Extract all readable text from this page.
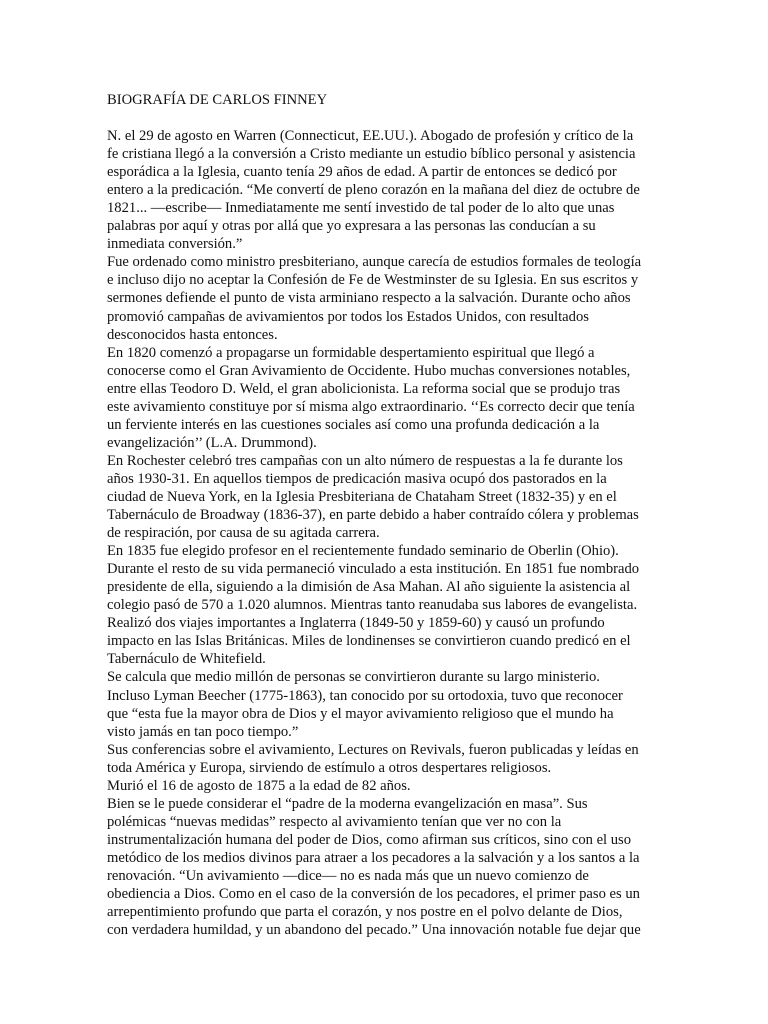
BIOGRAFÍA DE CARLOS FINNEY
N. el 29 de agosto en Warren (Connecticut, EE.UU.). Abogado de profesión y crítico de la
fe cristiana llegó a la conversión a Cristo mediante un estudio bíblico personal y asistencia
esporádica a la Iglesia, cuanto tenía 29 años de edad. A partir de entonces se dedicó por
entero a la predicación. “Me convertí de pleno corazón en la mañana del diez de octubre de
1821... —escribe— Inmediatamente me sentí investido de tal poder de lo alto que unas
palabras por aquí y otras por allá que yo expresara a las personas las conducían a su
inmediata conversión.”
Fue ordenado como ministro presbiteriano, aunque carecía de estudios formales de teología
e incluso dijo no aceptar la Confesión de Fe de Westminster de su Iglesia. En sus escritos y
sermones defiende el punto de vista arminiano respecto a la salvación. Durante ocho años
promovió campañas de avivamientos por todos los Estados Unidos, con resultados
desconocidos hasta entonces.
En 1820 comenzó a propagarse un formidable despertamiento espiritual que llegó a
conocerse como el Gran Avivamiento de Occidente. Hubo muchas conversiones notables,
entre ellas Teodoro D. Weld, el gran abolicionista. La reforma social que se produjo tras
este avivamiento constituye por sí misma algo extraordinario. ‘‘Es correcto decir que tenía
un ferviente interés en las cuestiones sociales así como una profunda dedicación a la
evangelización’’ (L.A. Drummond).
En Rochester celebró tres campañas con un alto número de respuestas a la fe durante los
años 1930-31. En aquellos tiempos de predicación masiva ocupó dos pastorados en la
ciudad de Nueva York, en la Iglesia Presbiteriana de Chataham Street (1832-35) y en el
Tabernáculo de Broadway (1836-37), en parte debido a haber contraído cólera y problemas
de respiración, por causa de su agitada carrera.
En 1835 fue elegido profesor en el recientemente fundado seminario de Oberlin (Ohio).
Durante el resto de su vida permaneció vinculado a esta institución. En 1851 fue nombrado
presidente de ella, siguiendo a la dimisión de Asa Mahan. Al año siguiente la asistencia al
colegio pasó de 570 a 1.020 alumnos. Mientras tanto reanudaba sus labores de evangelista.
Realizó dos viajes importantes a Inglaterra (1849-50 y 1859-60) y causó un profundo
impacto en las Islas Británicas. Miles de londinenses se convirtieron cuando predicó en el
Tabernáculo de Whitefield.
Se calcula que medio millón de personas se convirtieron durante su largo ministerio.
Incluso Lyman Beecher (1775-1863), tan conocido por su ortodoxia, tuvo que reconocer
que “esta fue la mayor obra de Dios y el mayor avivamiento religioso que el mundo ha
visto jamás en tan poco tiempo.”
Sus conferencias sobre el avivamiento, Lectures on Revivals, fueron publicadas y leídas en
toda América y Europa, sirviendo de estímulo a otros despertares religiosos.
Murió el 16 de agosto de 1875 a la edad de 82 años.
Bien se le puede considerar el “padre de la moderna evangelización en masa”. Sus
polémicas “nuevas medidas” respecto al avivamiento tenían que ver no con la
instrumentalización humana del poder de Dios, como afirman sus críticos, sino con el uso
metódico de los medios divinos para atraer a los pecadores a la salvación y a los santos a la
renovación. “Un avivamiento —dice— no es nada más que un nuevo comienzo de
obediencia a Dios. Como en el caso de la conversión de los pecadores, el primer paso es un
arrepentimiento profundo que parta el corazón, y nos postre en el polvo delante de Dios,
con verdadera humildad, y un abandono del pecado.” Una innovación notable fue dejar que
